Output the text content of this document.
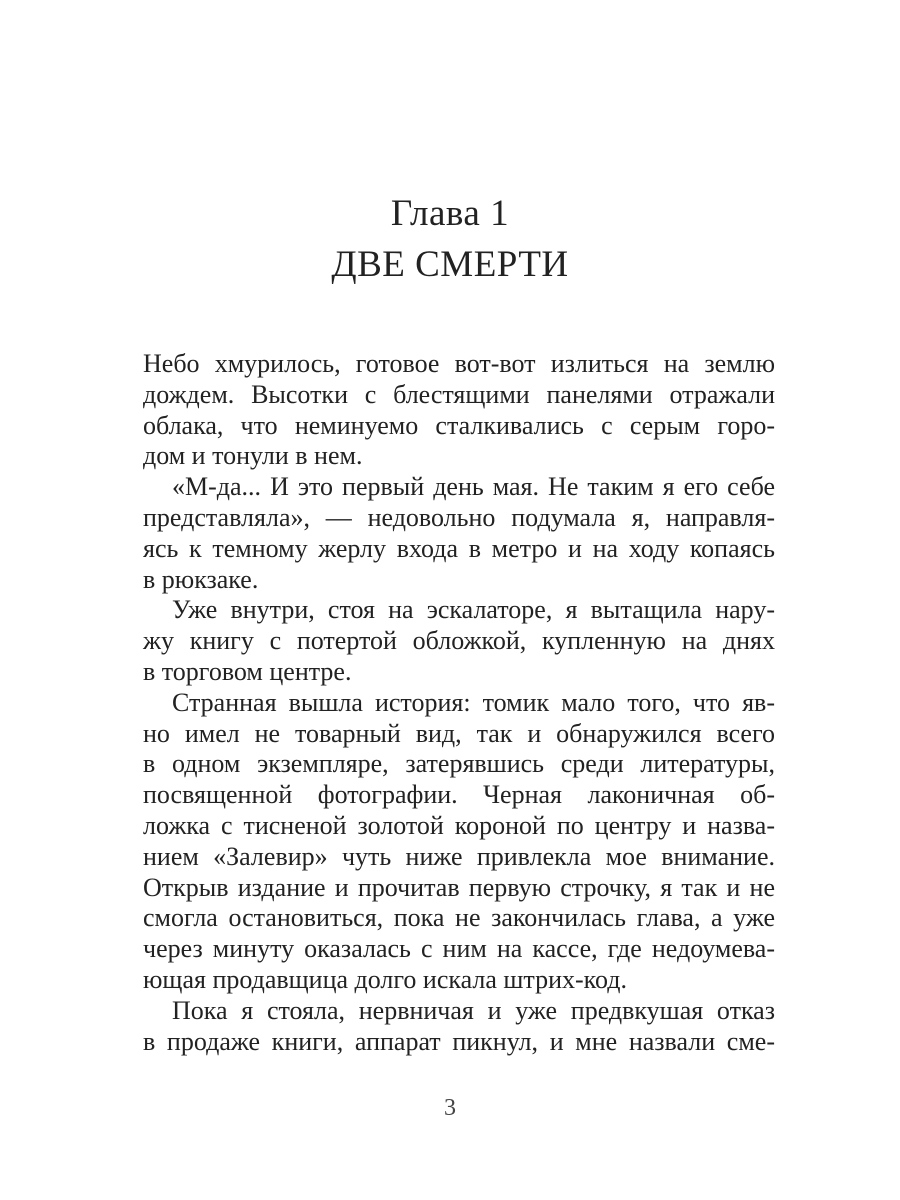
Глава 1
ДВЕ СМЕРТИ
Небо хмурилось, готовое вот-вот излиться на землю
дождем. Высотки с блестящими панелями отражали
облака, что неминуемо сталкивались с серым горо-
дом и тонули в нем.
«М-да... И это первый день мая. Не таким я его себе
представляла», — недовольно подумала я, направля-
ясь к темному жерлу входа в метро и на ходу копаясь
в рюкзаке.
Уже внутри, стоя на эскалаторе, я вытащила нару-
жу книгу с потертой обложкой, купленную на днях
в торговом центре.
Странная вышла история: томик мало того, что яв-
но имел не товарный вид, так и обнаружился всего
в одном экземпляре, затерявшись среди литературы,
посвященной фотографии. Черная лаконичная об-
ложка с тисненой золотой короной по центру и назва-
нием «Залевир» чуть ниже привлекла мое внимание.
Открыв издание и прочитав первую строчку, я так и не
смогла остановиться, пока не закончилась глава, а уже
через минуту оказалась с ним на кассе, где недоумева-
ющая продавщица долго искала штрих-код.
Пока я стояла, нервничая и уже предвкушая отказ
в продаже книги, аппарат пикнул, и мне назвали сме-
3
